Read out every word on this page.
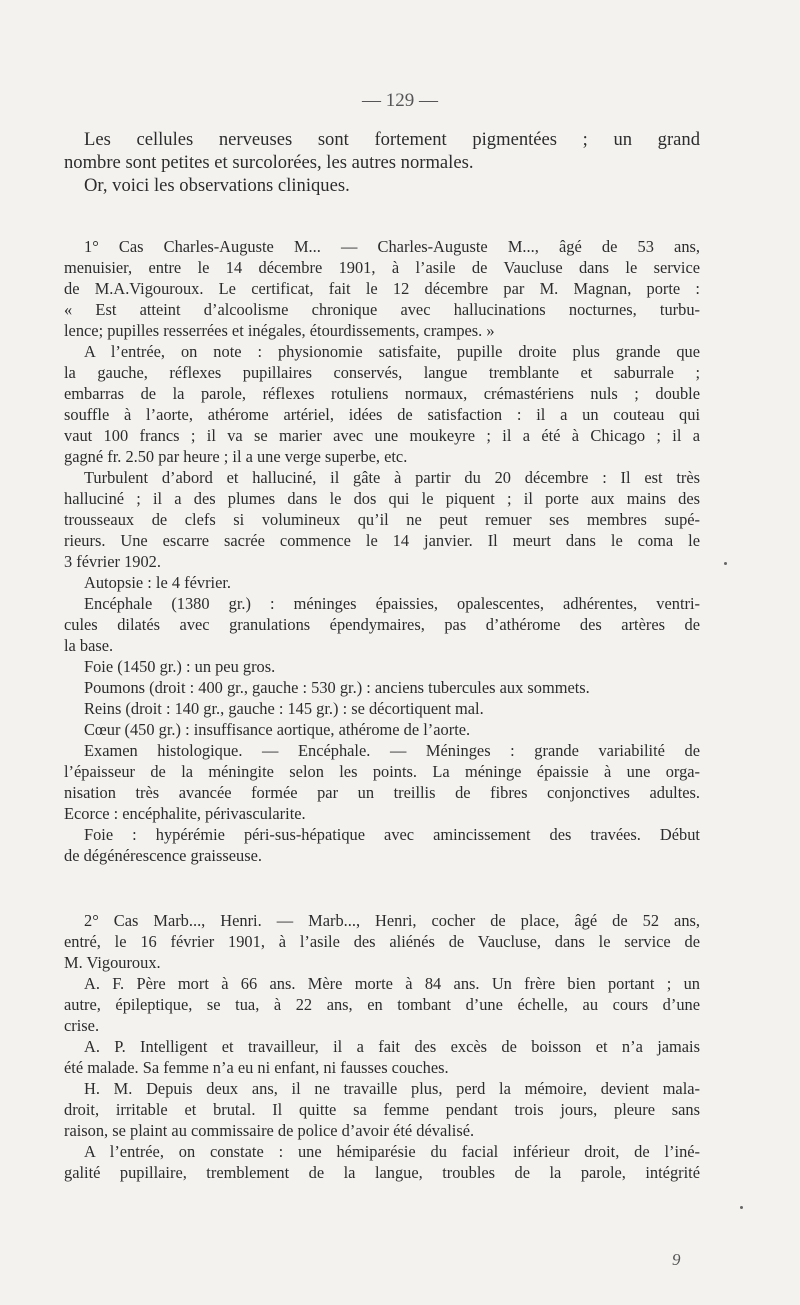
— 129 —
Les cellules nerveuses sont fortement pigmentées ; un grand
nombre sont petites et surcolorées, les autres normales.
Or, voici les observations cliniques.
1° Cas Charles-Auguste M... — Charles-Auguste M..., âgé de 53 ans,
menuisier, entre le 14 décembre 1901, à l’asile de Vaucluse dans le service
de M.A.Vigouroux. Le certificat, fait le 12 décembre par M. Magnan, porte :
« Est atteint d’alcoolisme chronique avec hallucinations nocturnes, turbu-
lence; pupilles resserrées et inégales, étourdissements, crampes. »
A l’entrée, on note : physionomie satisfaite, pupille droite plus grande que
la gauche, réflexes pupillaires conservés, langue tremblante et saburrale ;
embarras de la parole, réflexes rotuliens normaux, crémastériens nuls ; double
souffle à l’aorte, athérome artériel, idées de satisfaction : il a un couteau qui
vaut 100 francs ; il va se marier avec une moukeyre ; il a été à Chicago ; il a
gagné fr. 2.50 par heure ; il a une verge superbe, etc.
Turbulent d’abord et halluciné, il gâte à partir du 20 décembre : Il est très
halluciné ; il a des plumes dans le dos qui le piquent ; il porte aux mains des
trousseaux de clefs si volumineux qu’il ne peut remuer ses membres supé-
rieurs. Une escarre sacrée commence le 14 janvier. Il meurt dans le coma le
3 février 1902.
Autopsie : le 4 février.
Encéphale (1380 gr.) : méninges épaissies, opalescentes, adhérentes, ventri-
cules dilatés avec granulations épendymaires, pas d’athérome des artères de
la base.
Foie (1450 gr.) : un peu gros.
Poumons (droit : 400 gr., gauche : 530 gr.) : anciens tubercules aux sommets.
Reins (droit : 140 gr., gauche : 145 gr.) : se décortiquent mal.
Cœur (450 gr.) : insuffisance aortique, athérome de l’aorte.
Examen histologique. — Encéphale. — Méninges : grande variabilité de
l’épaisseur de la méningite selon les points. La méninge épaissie à une orga-
nisation très avancée formée par un treillis de fibres conjonctives adultes.
Ecorce : encéphalite, périvascularite.
Foie : hypérémie péri-sus-hépatique avec amincissement des travées. Début
de dégénérescence graisseuse.
2° Cas Marb..., Henri. — Marb..., Henri, cocher de place, âgé de 52 ans,
entré, le 16 février 1901, à l’asile des aliénés de Vaucluse, dans le service de
M. Vigouroux.
A. F. Père mort à 66 ans. Mère morte à 84 ans. Un frère bien portant ; un
autre, épileptique, se tua, à 22 ans, en tombant d’une échelle, au cours d’une
crise.
A. P. Intelligent et travailleur, il a fait des excès de boisson et n’a jamais
été malade. Sa femme n’a eu ni enfant, ni fausses couches.
H. M. Depuis deux ans, il ne travaille plus, perd la mémoire, devient mala-
droit, irritable et brutal. Il quitte sa femme pendant trois jours, pleure sans
raison, se plaint au commissaire de police d’avoir été dévalisé.
A l’entrée, on constate : une hémiparésie du facial inférieur droit, de l’iné-
galité pupillaire, tremblement de la langue, troubles de la parole, intégrité
9
